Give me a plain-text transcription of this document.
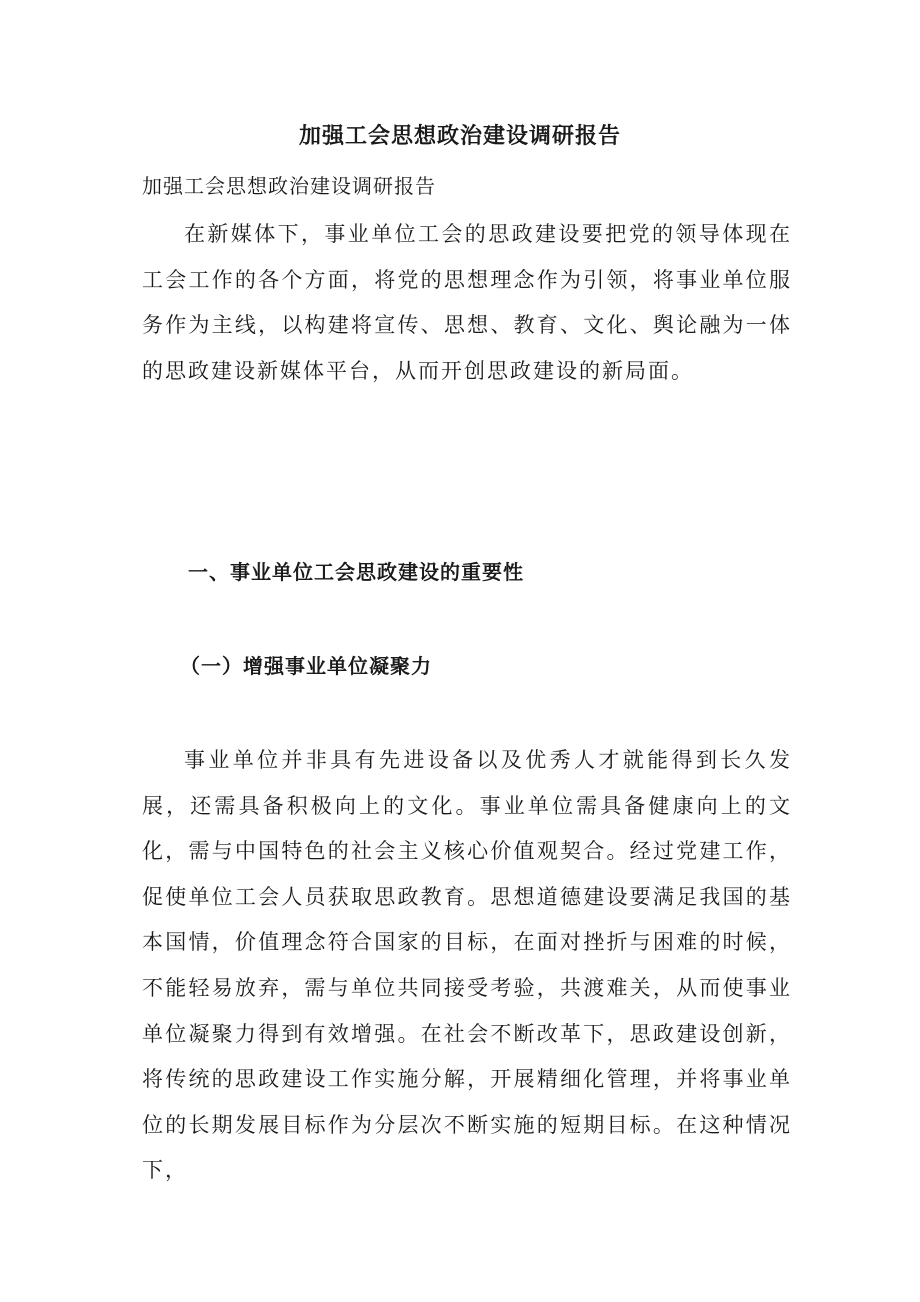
加强工会思想政治建设调研报告

加强工会思想政治建设调研报告

在新媒体下，事业单位工会的思政建设要把党的领导体现在工会工作的各个方面，将党的思想理念作为引领，将事业单位服务作为主线，以构建将宣传、思想、教育、文化、舆论融为一体的思政建设新媒体平台，从而开创思政建设的新局面。

一、事业单位工会思政建设的重要性
（一）增强事业单位凝聚力

事业单位并非具有先进设备以及优秀人才就能得到长久发展，还需具备积极向上的文化。事业单位需具备健康向上的文化，需与中国特色的社会主义核心价值观契合。经过党建工作，促使单位工会人员获取思政教育。思想道德建设要满足我国的基本国情，价值理念符合国家的目标，在面对挫折与困难的时候，不能轻易放弃，需与单位共同接受考验，共渡难关，从而使事业单位凝聚力得到有效增强。在社会不断改革下，思政建设创新，将传统的思政建设工作实施分解，开展精细化管理，并将事业单位的长期发展目标作为分层次不断实施的短期目标。在这种情况下，
